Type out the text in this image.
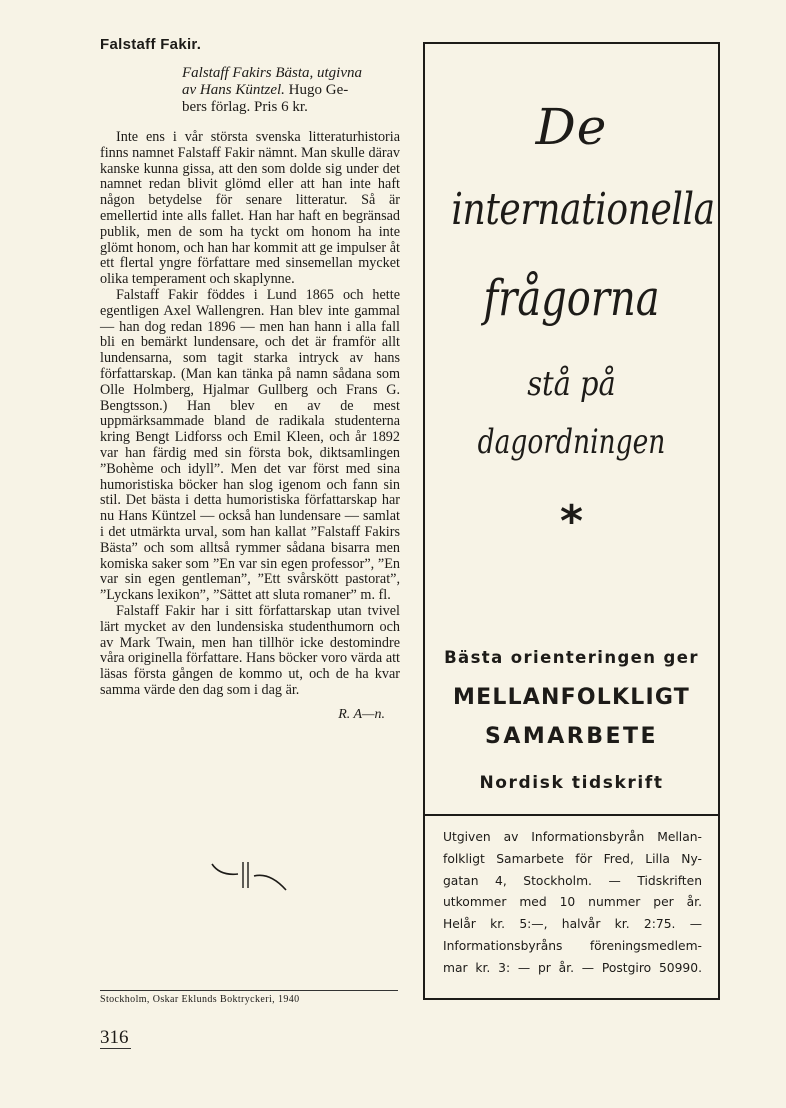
Falstaff Fakir.
Falstaff Fakirs Bästa, utgivna
av Hans Küntzel. Hugo Ge-
bers förlag. Pris 6 kr.

Inte ens i vår största svenska litteraturhistoria finns namnet Falstaff Fakir nämnt. Man skulle därav kanske kunna gissa, att den som dolde sig under det namnet redan blivit glömd eller att han inte haft någon betydelse för senare litteratur. Så är emellertid inte alls fallet. Han har haft en begränsad publik, men de som ha tyckt om honom ha inte glömt honom, och han har kommit att ge impulser åt ett flertal yngre författare med sinsemellan mycket olika temperament och skaplynne.

Falstaff Fakir föddes i Lund 1865 och hette egentligen Axel Wallengren. Han blev inte gammal — han dog redan 1896 — men han hann i alla fall bli en bemärkt lundensare, och det är framför allt lundensarna, som tagit starka intryck av hans författarskap. (Man kan tänka på namn sådana som Olle Holmberg, Hjalmar Gullberg och Frans G. Bengtsson.) Han blev en av de mest uppmärksammade bland de radikala studenterna kring Bengt Lidforss och Emil Kleen, och år 1892 var han färdig med sin första bok, diktsamlingen ”Bohème och idyll”. Men det var först med sina humoristiska böcker han slog igenom och fann sin stil. Det bästa i detta humoristiska författarskap har nu Hans Küntzel — också han lundensare — samlat i det utmärkta urval, som han kallat ”Falstaff Fakirs Bästa” och som alltså rymmer sådana bisarra men komiska saker som ”En var sin egen professor”, ”En var sin egen gentleman”, ”Ett svårskött pastorat”, ”Lyckans lexikon”, ”Sättet att sluta romaner” m. fl.

Falstaff Fakir har i sitt författarskap utan tvivel lärt mycket av den lundensiska studenthumorn och av Mark Twain, men han tillhör icke destomindre våra originella författare. Hans böcker voro värda att läsas första gången de kommo ut, och de ha kvar samma värde den dag som i dag är.

R. A—n.
Stockholm, Oskar Eklunds Boktryckeri, 1940
316
De
internationella
frågorna
stå på
dagordningen
*
Bästa orienteringen ger
MELLANFOLKLIGT
SAMARBETE
Nordisk tidskrift
Utgiven av Informationsbyrån Mellan-
folkligt Samarbete för Fred, Lilla Ny-
gatan 4, Stockholm. — Tidskriften
utkommer med 10 nummer per år.
Helår kr. 5:—, halvår kr. 2:75. —
Informationsbyråns föreningsmedlem-
mar kr. 3: — pr år. — Postgiro 50990.
